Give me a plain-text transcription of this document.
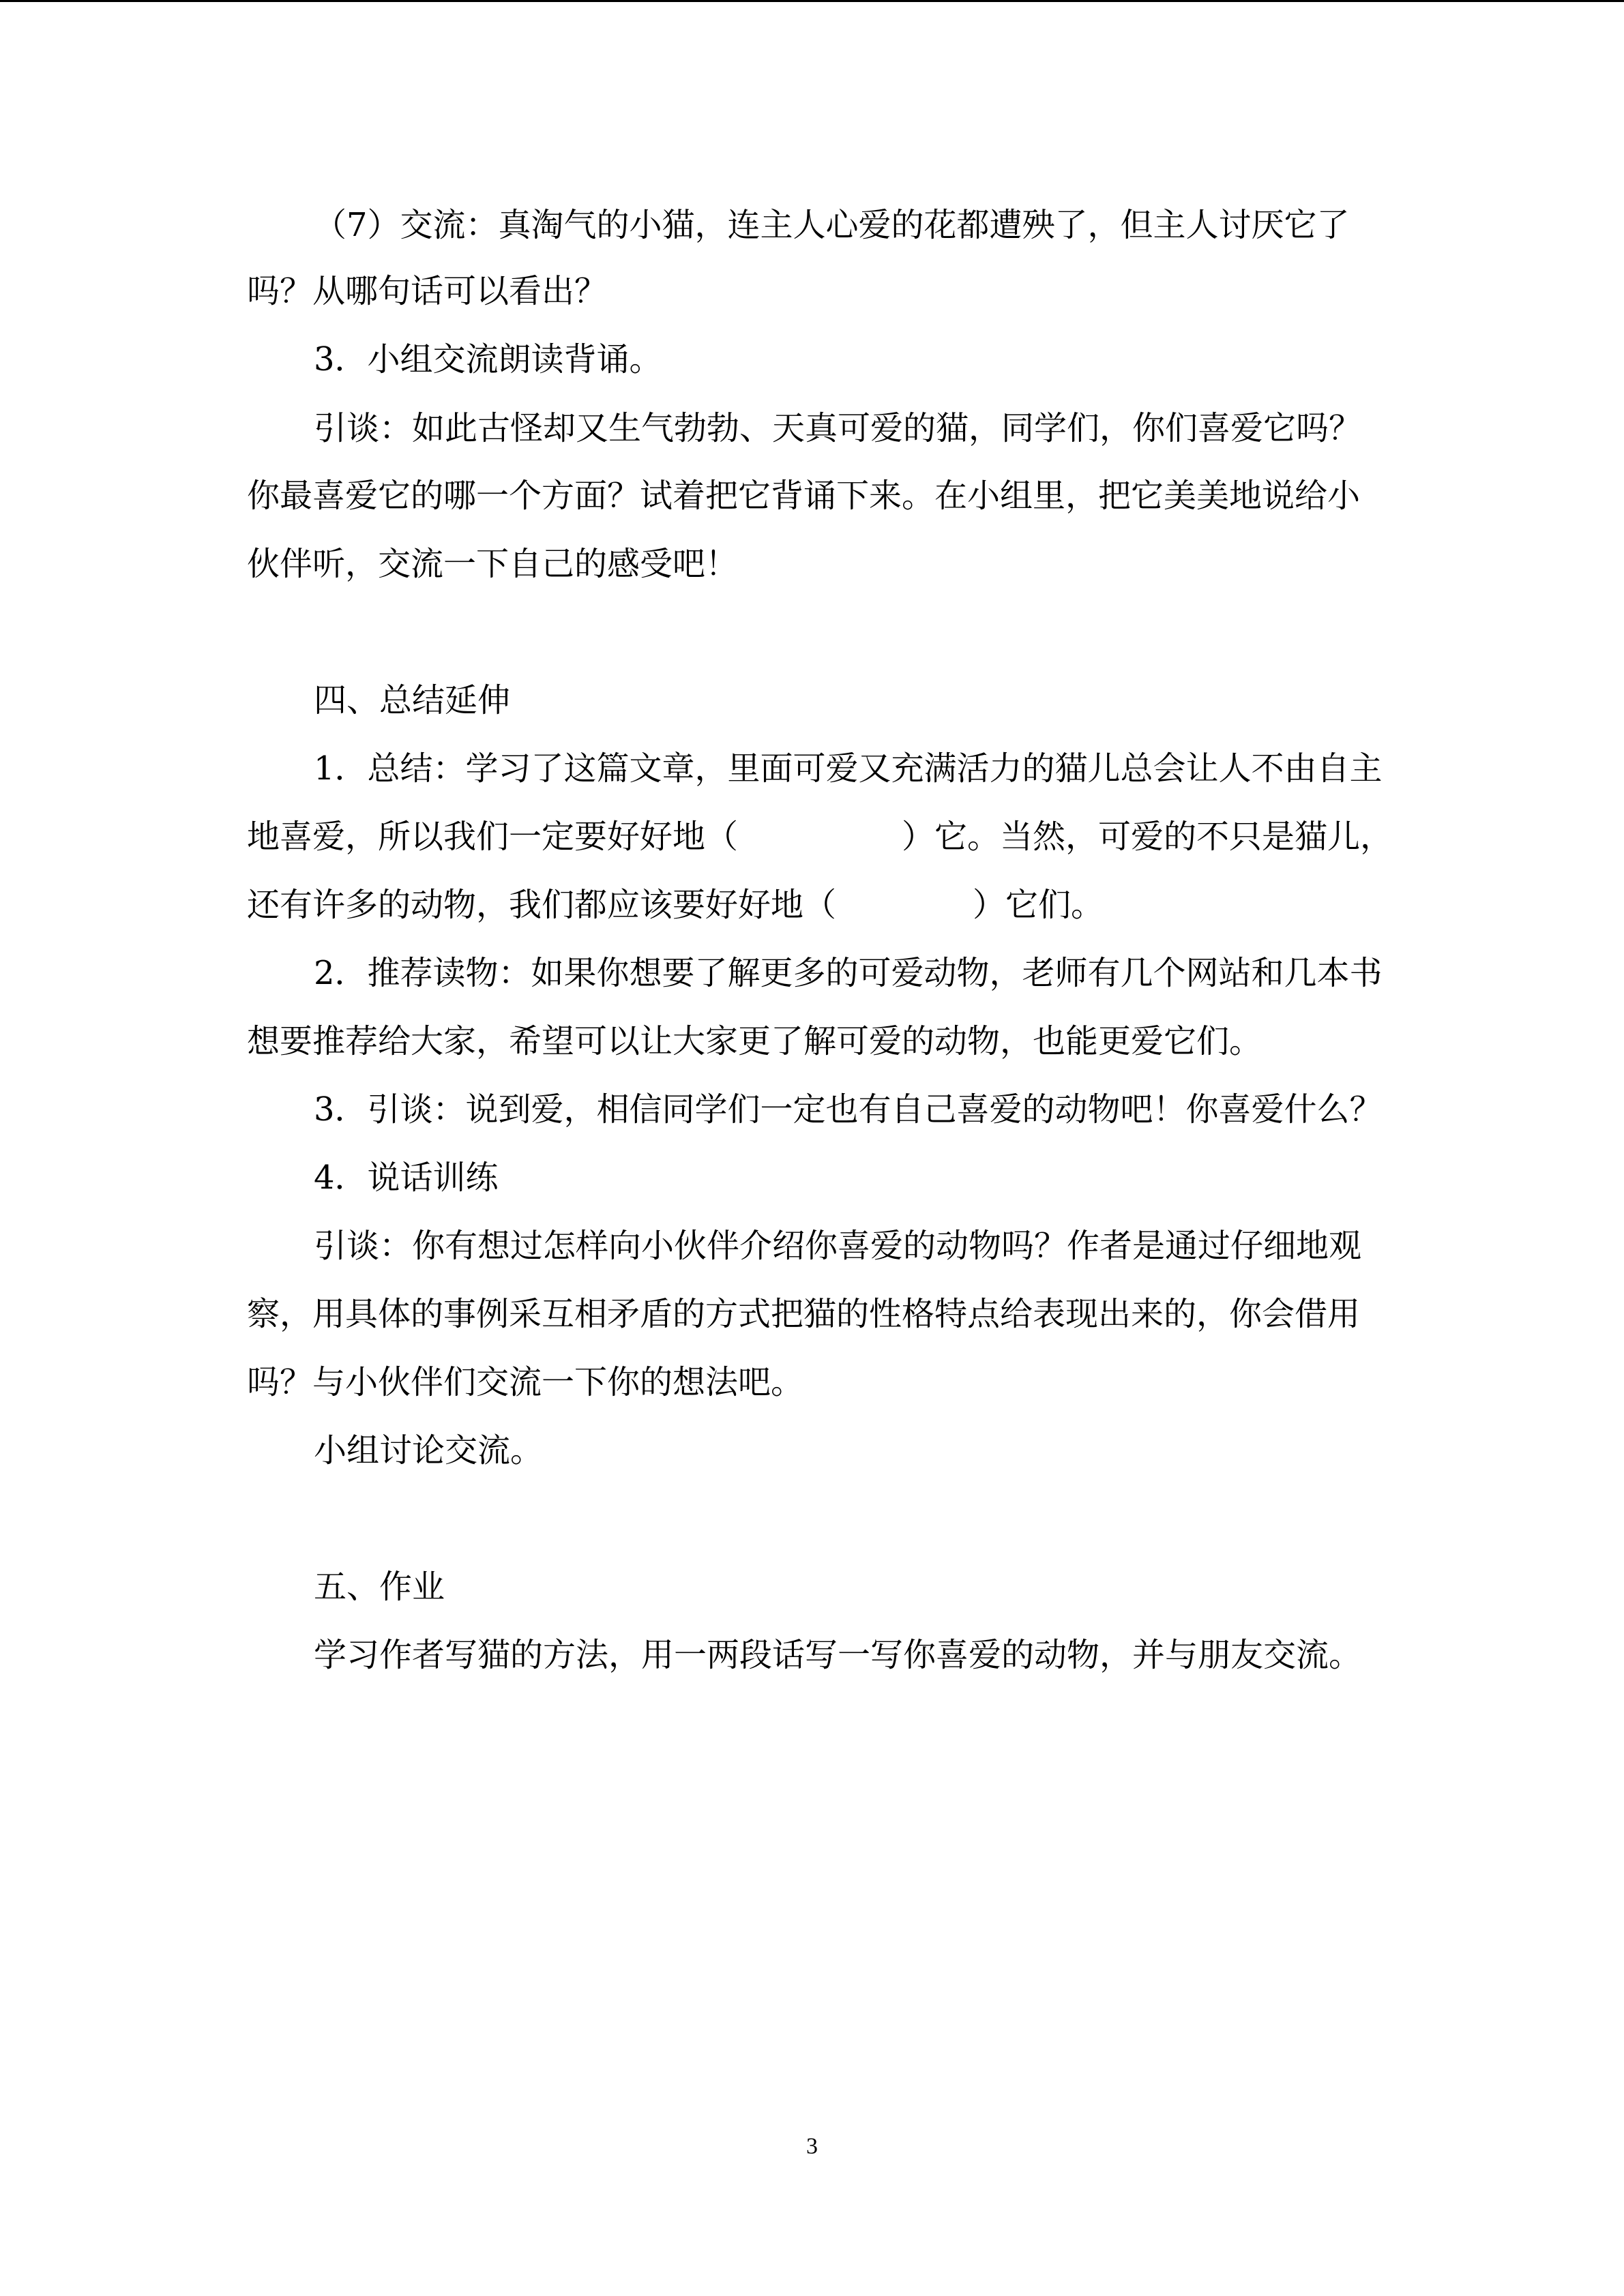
（7）交流：真淘气的小猫，连主人心爱的花都遭殃了，但主人讨厌它了
吗？从哪句话可以看出？
3．小组交流朗读背诵。
引谈：如此古怪却又生气勃勃、天真可爱的猫，同学们，你们喜爱它吗？
你最喜爱它的哪一个方面？试着把它背诵下来。在小组里，把它美美地说给小
伙伴听，交流一下自己的感受吧！
四、总结延伸
1．总结：学习了这篇文章，里面可爱又充满活力的猫儿总会让人不由自主
地喜爱，所以我们一定要好好地（	）它。当然，可爱的不只是猫儿，
还有许多的动物，我们都应该要好好地（	）它们。
2．推荐读物：如果你想要了解更多的可爱动物，老师有几个网站和几本书
想要推荐给大家，希望可以让大家更了解可爱的动物，也能更爱它们。
3．引谈：说到爱，相信同学们一定也有自己喜爱的动物吧！你喜爱什么？
4．说话训练
引谈：你有想过怎样向小伙伴介绍你喜爱的动物吗？作者是通过仔细地观
察，用具体的事例采互相矛盾的方式把猫的性格特点给表现出来的，你会借用
吗？与小伙伴们交流一下你的想法吧。
小组讨论交流。
五、作业
学习作者写猫的方法，用一两段话写一写你喜爱的动物，并与朋友交流。
3
